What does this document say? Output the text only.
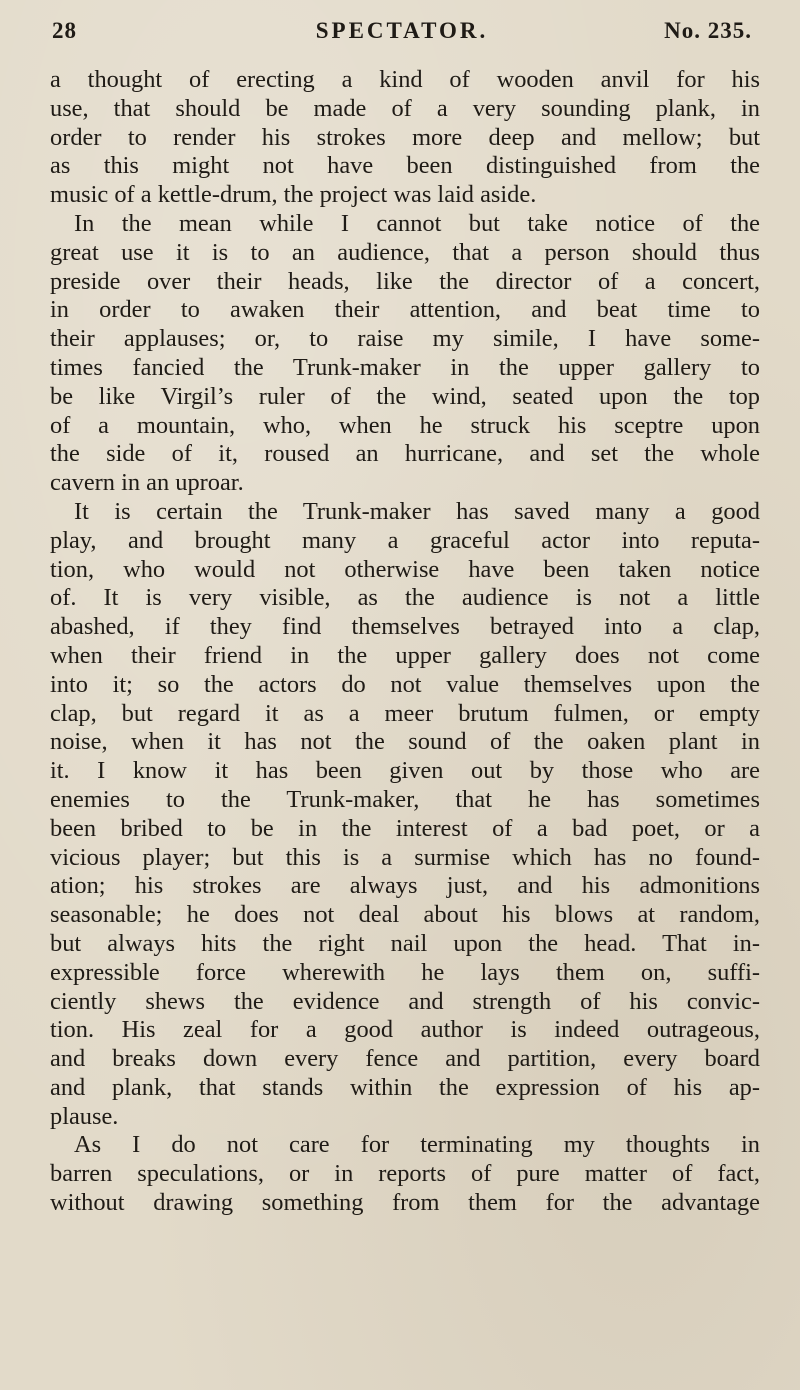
28	SPECTATOR.	No. 235.
a thought of erecting a kind of wooden anvil for his
use, that should be made of a very sounding plank, in
order to render his strokes more deep and mellow; but
as this might not have been distinguished from the
music of a kettle-drum, the project was laid aside.
In the mean while I cannot but take notice of the
great use it is to an audience, that a person should thus
preside over their heads, like the director of a concert,
in order to awaken their attention, and beat time to
their applauses; or, to raise my simile, I have some-
times fancied the Trunk-maker in the upper gallery to
be like Virgil’s ruler of the wind, seated upon the top
of a mountain, who, when he struck his sceptre upon
the side of it, roused an hurricane, and set the whole
cavern in an uproar.
It is certain the Trunk-maker has saved many a good
play, and brought many a graceful actor into reputa-
tion, who would not otherwise have been taken notice
of. It is very visible, as the audience is not a little
abashed, if they find themselves betrayed into a clap,
when their friend in the upper gallery does not come
into it; so the actors do not value themselves upon the
clap, but regard it as a meer brutum fulmen, or empty
noise, when it has not the sound of the oaken plant in
it. I know it has been given out by those who are
enemies to the Trunk-maker, that he has sometimes
been bribed to be in the interest of a bad poet, or a
vicious player; but this is a surmise which has no found-
ation; his strokes are always just, and his admonitions
seasonable; he does not deal about his blows at random,
but always hits the right nail upon the head. That in-
expressible force wherewith he lays them on, suffi-
ciently shews the evidence and strength of his convic-
tion. His zeal for a good author is indeed outrageous,
and breaks down every fence and partition, every board
and plank, that stands within the expression of his ap-
plause.
As I do not care for terminating my thoughts in
barren speculations, or in reports of pure matter of fact,
without drawing something from them for the advantage
